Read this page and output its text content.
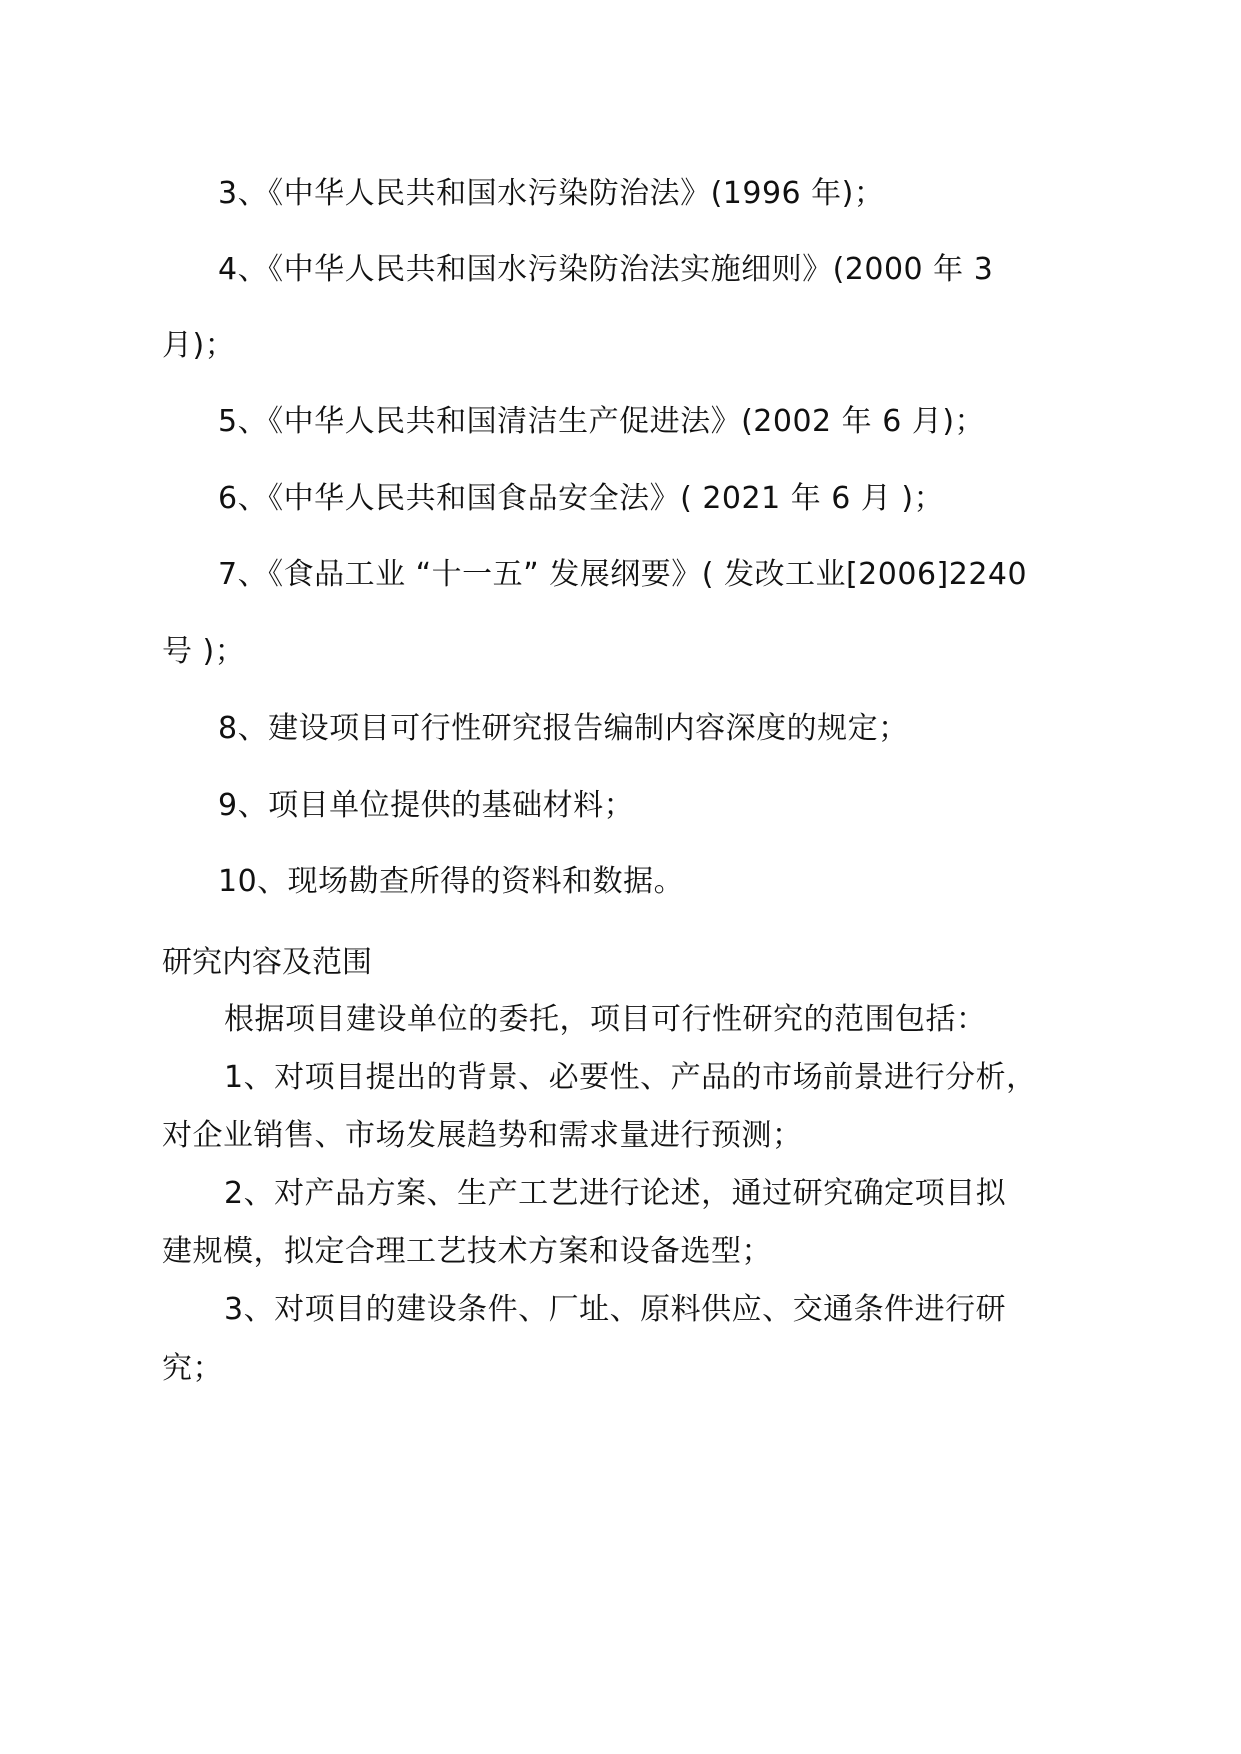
3、《中华人民共和国水污染防治法》(1996 年)；
4、《中华人民共和国水污染防治法实施细则》(2000 年 3
月)；
5、《中华人民共和国清洁生产促进法》(2002 年 6 月)；
6、《中华人民共和国食品安全法》( 2021 年 6 月 )；
7、《食品工业 “十一五” 发展纲要》( 发改工业[2006]2240
号 )；
8、建设项目可行性研究报告编制内容深度的规定；
9、项目单位提供的基础材料；
10、现场勘查所得的资料和数据。
研究内容及范围
根据项目建设单位的委托，项目可行性研究的范围包括：
1、对项目提出的背景、必要性、产品的市场前景进行分析，
对企业销售、市场发展趋势和需求量进行预测；
2、对产品方案、生产工艺进行论述，通过研究确定项目拟
建规模，拟定合理工艺技术方案和设备选型；
3、对项目的建设条件、厂址、原料供应、交通条件进行研
究；
